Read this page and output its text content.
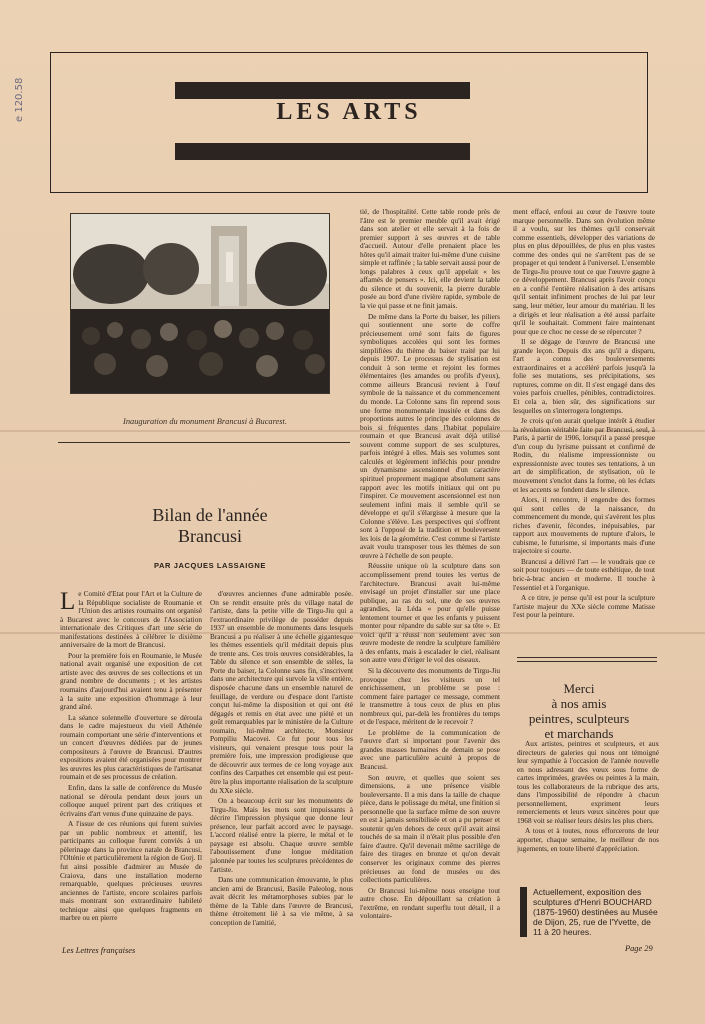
e 120.58	LES ARTS
Inauguration du monument Brancusi à Bucarest.
Bilan de l'année
Brancusi
PAR JACQUES LASSAIGNE
L e Comité d'Etat pour l'Art et la Culture de la République socialiste de Roumanie et l'Union des artistes roumains ont organisé à Bucarest avec le concours de l'Association internationale des Critiques d'art une série de manifestations destinées à célébrer le dixième anniversaire de la mort de Brancusi.

Pour la première fois en Roumanie, le Musée national avait organisé une exposition de cet artiste avec des œuvres de ses collections et un grand nombre de documents ; et les artistes roumains d'aujourd'hui avaient tenu à présenter à la suite une exposition d'hommage à leur grand aîné.

La séance solennelle d'ouverture se déroula dans le cadre majestueux du vieil Athénée roumain comportant une série d'interventions et un concert d'œuvres dédiées par de jeunes compositeurs à l'œuvre de Brancusi. D'autres expositions avaient été organisées pour montrer les œuvres les plus caractéristiques de l'artisanat roumain et de ses processus de création.

Enfin, dans la salle de conférence du Musée national se déroula pendant deux jours un colloque auquel prirent part des critiques et écrivains d'art venus d'une quinzaine de pays.

A l'issue de ces réunions qui furent suivies par un public nombreux et attentif, les participants au colloque furent conviés à un pèlerinage dans la province natale de Brancusi, l'Olténie et particulièrement la région de Gorj. Il fut ainsi possible d'admirer au Musée de Craiova, dans une installation moderne remarquable, quelques précieuses œuvres anciennes de l'artiste, encore scolaires parfois mais montrant son extraordinaire habileté technique ainsi que quelques fragments en marbre ou en pierre

d'œuvres anciennes d'une admirable posée. On se rendit ensuite près du village natal de l'artiste, dans la petite ville de Tirgu-Jiu qui a l'extraordinaire privilège de posséder depuis 1937 un ensemble de monuments dans lesquels Brancusi a pu réaliser à une échelle gigantesque les thèmes essentiels qu'il méditait depuis plus de trente ans. Ces trois œuvres considérables, la Table du silence et son ensemble de stèles, la Porte du baiser, la Colonne sans fin, s'inscrivent dans une architecture qui survole la ville entière, disposée chacune dans un ensemble naturel de feuillage, de verdure ou d'espace dont l'artiste conçut lui-même la disposition et qui ont été dégagés et remis en état avec une piété et un goût remarquables par le ministère de la Culture roumain, lui-même architecte, Monsieur Pompiliu Macovei. Ce fut pour tous les visiteurs, qui venaient presque tous pour la première fois, une impression prodigieuse que de découvrir aux termes de ce long voyage aux confins des Carpathes cet ensemble qui est peut-être la plus importante réalisation de la sculpture du XXe siècle.

On a beaucoup écrit sur les monuments de Tirgu-Jiu. Mais les mots sont impuissants à décrire l'impression physique que donne leur présence, leur parfait accord avec le paysage. L'accord réalisé entre la pierre, le métal et le paysage est absolu. Chaque œuvre semble l'aboutissement d'une longue méditation jalonnée par toutes les sculptures précédentes de l'artiste.

Dans une communication émouvante, le plus ancien ami de Brancusi, Basile Paleolog, nous avait décrit les métamorphoses subies par le thème de la Table dans l'œuvre de Brancusi, thème étroitement lié à sa vie même, à sa conception de l'amitié,

tié, de l'hospitalité. Cette table ronde près de l'âtre est le premier meuble qu'il avait érigé dans son atelier et elle servait à la fois de premier support à ses œuvres et de table d'accueil. Autour d'elle prenaient place les hôtes qu'il aimait traiter lui-même d'une cuisine simple et raffinée ; la table servait aussi pour de longs palabres à ceux qu'il appelait « les affamés de pensers ». Ici, elle devient la table du silence et du souvenir, la pierre durable posée au bord d'une rivière rapide, symbole de la vie qui passe et ne finit jamais.

De même dans la Porte du baiser, les piliers qui soutiennent une sorte de coffre précieusement orné sont faits de figures symboliques accolées qui sont les formes simplifiées du thème du baiser traité par lui depuis 1907. Le processus de stylisation est conduit à son terme et rejoint les formes élémentaires (les amandes ou profils d'yeux), comme ailleurs Brancusi revient à l'œuf symbole de la naissance et du commencement du monde. La Colonne sans fin reprend sous une forme monumentale inusitée et dans des proportions autres le principe des colonnes de bois si fréquentes dans l'habitat populaire roumain et que Brancusi avait déjà utilisé souvent comme support de ses sculptures, parfois intégré à elles. Mais ses volumes sont calculés et légèrement infléchis pour prendre un dynamisme ascensionnel d'un caractère spirituel proprement magique absolument sans rapport avec les motifs initiaux qui ont pu l'inspirer. Ce mouvement ascensionnel est non seulement infini mais il semble qu'il se développe et qu'il s'élargisse à mesure que la Colonne s'élève. Les perspectives qui s'offrent sont à l'opposé de la tradition et bouleversent les lois de la géométrie. C'est comme si l'artiste avait voulu transposer tous les thèmes de son œuvre à l'échelle de son peuple.

Réussite unique où la sculpture dans son accomplissement prend toutes les vertus de l'architecture. Brancusi avait lui-même envisagé un projet d'installer sur une place publique, au ras du sol, une de ses œuvres agrandies, la Léda « pour qu'elle puisse lentement tourner et que les enfants y puissent monter pour répandre du sable sur sa tête ». Et voici qu'il a réussi non seulement avec son œuvre modeste de rendre la sculpture familière à des enfants, mais à escalader le ciel, réalisant son autre vœu d'ériger le vol des oiseaux.

Si la découverte des monuments de Tirgu-Jiu provoque chez les visiteurs un tel enrichissement, un problème se pose : comment faire partager ce message, comment le transmettre à tous ceux de plus en plus nombreux qui, par-delà les frontières du temps et de l'espace, méritent de le recevoir ?

Le problème de la communication de l'œuvre d'art si important pour l'avenir des grandes masses humaines de demain se pose avec une particulière acuité à propos de Brancusi.

Son œuvre, et quelles que soient ses dimensions, a une présence visible bouleversante. Il a mis dans la taille de chaque pièce, dans le polissage du métal, une finition si personnelle que la surface même de son œuvre en est à jamais sensibilisée et on a pu penser et soutenir qu'en dehors de ceux qu'il avait ainsi touchés de sa main il n'était plus possible d'en faire d'autre. Qu'il devenait même sacrilège de faire des tirages en bronze et qu'on devait conserver les originaux comme des pierres précieuses au fond de musées ou des collections particulières.

Or Brancusi lui-même nous enseigne tout autre chose. En dépouillant sa création à l'extrême, en rendant superflu tout détail, il a volontaire-

ment effacé, enfoui au cœur de l'œuvre toute marque personnelle. Dans son évolution même il a voulu, sur les thèmes qu'il conservait comme essentiels, développer des variations de plus en plus dépouillées, de plus en plus vastes comme des ondes qui ne s'arrêtent pas de se propager et qui tendent à l'universel. L'ensemble de Tirgu-Jiu prouve tout ce que l'œuvre gagne à ce développement. Brancusi après l'avoir conçu en a confié l'entière réalisation à des artisans qu'il sentait infiniment proches de lui par leur sang, leur métier, leur amour du matériau. Il les a dirigés et leur réalisation a été aussi parfaite qu'il le souhaitait. Comment faire maintenant pour que ce choc ne cesse de se répercuter ?

Il se dégage de l'œuvre de Brancusi une grande leçon. Depuis dix ans qu'il a disparu, l'art a connu des bouleversements extraordinaires et a accéléré parfois jusqu'à la folie ses mutations, ses précipitations, ses ruptures, comme on dit. Il s'est engagé dans des voies parfois cruelles, pénibles, contradictoires. Et cela a, bien sûr, des significations sur lesquelles on s'interrogera longtemps.

Je crois qu'on aurait quelque intérêt à étudier la révolution véritable faite par Brancusi, seul, à Paris, à partir de 1906, lorsqu'il a passé presque d'un coup du lyrisme puissant et confirmé de Rodin, du réalisme impressionniste ou expressionniste avec toutes ses tentations, à un art de simplification, de stylisation, où le mouvement s'enclot dans la forme, où les éclats et les accents se fondent dans le silence.

Alors, il rencontre, il engendre des formes qui sont celles de la naissance, du commencement du monde, qui s'avèrent les plus riches d'avenir, fécondes, inépuisables, par rapport aux mouvements de rupture d'alors, le cubisme, le futurisme, si importants mais d'une trajectoire si courte.

Brancusi a délivré l'art — le voudrais que ce soit pour toujours — de toute esthétique, de tout bric-à-brac ancien et moderne. Il touche à l'essentiel et à l'organique.

A ce titre, je pense qu'il est pour la sculpture l'artiste majeur du XXe siècle comme Matisse l'est pour la peinture.

Merci
à nos amis
peintres, sculpteurs
et marchands

Aux artistes, peintres et sculpteurs, et aux directeurs de galeries qui nous ont témoigné leur sympathie à l'occasion de l'année nouvelle en nous adressant des vœux sous forme de cartes imprimées, gravées ou peintes à la main, tous les collaborateurs de la rubrique des arts, dans l'impossibilité de répondre à chacun personnellement, expriment leurs remerciements et leurs vœux sincères pour que 1968 voit se réaliser leurs désirs les plus chers.

A tous et à toutes, nous efforcerons de leur apporter, chaque semaine, le meilleur de nos jugements, en toute liberté d'appréciation.

Actuellement, exposition des sculptures d'Henri BOUCHARD (1875-1960) destinées au Musée de Dijon, 25, rue de l'Yvette, de 11 à 20 heures.
Les Lettres françaises	Page 29
